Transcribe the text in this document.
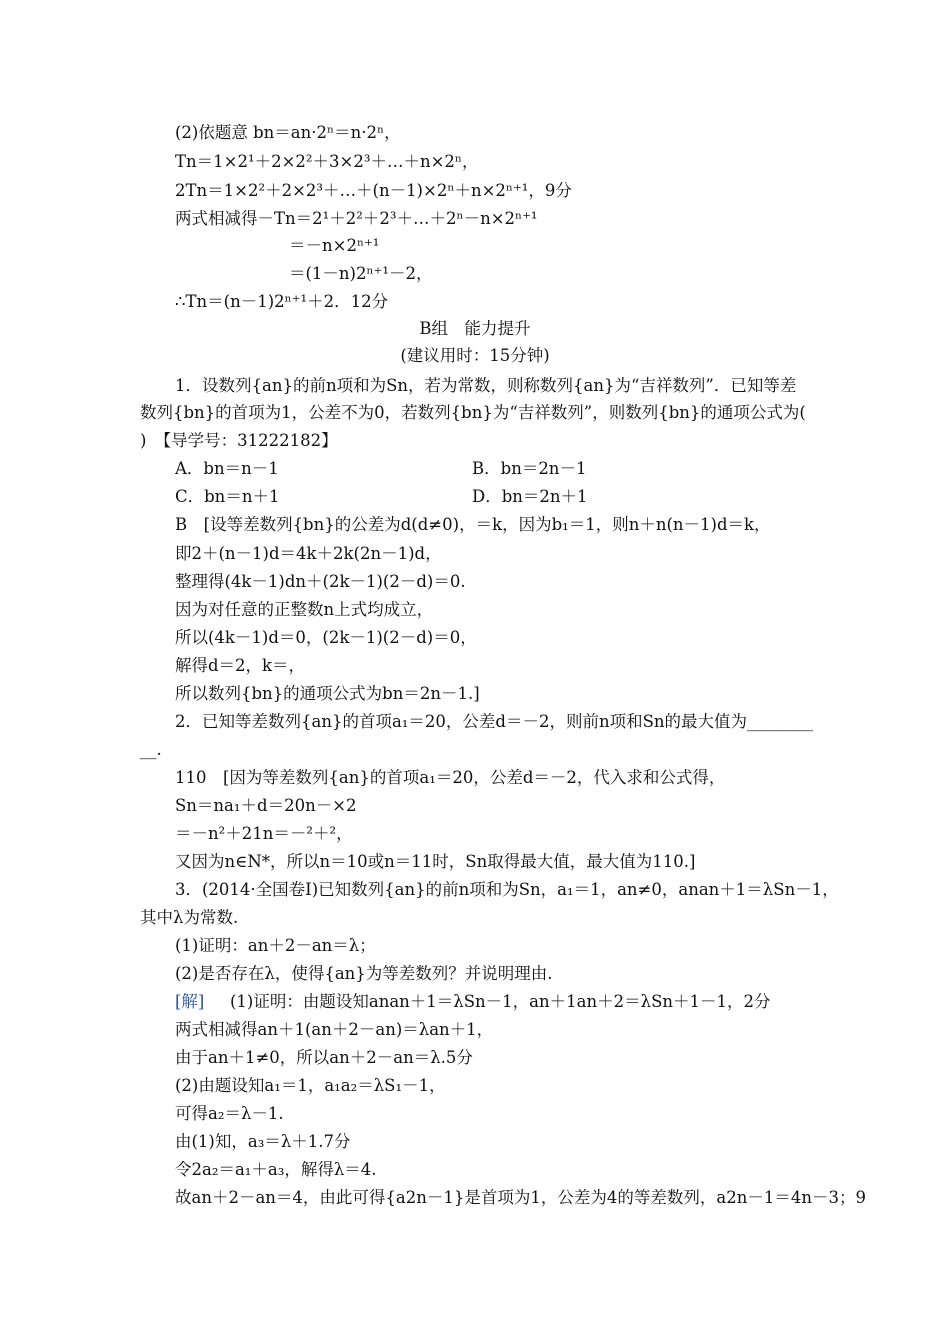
(2)依题意 bn＝an·2ⁿ＝n·2ⁿ，
Tn＝1×2¹＋2×2²＋3×2³＋…＋n×2ⁿ，
2Tn＝1×2²＋2×2³＋…＋(n－1)×2ⁿ＋n×2ⁿ⁺¹，9分
两式相减得－Tn＝2¹＋2²＋2³＋…＋2ⁿ－n×2ⁿ⁺¹
＝－n×2ⁿ⁺¹
＝(1－n)2ⁿ⁺¹－2，
∴Tn＝(n－1)2ⁿ⁺¹＋2．12分
B组　能力提升
(建议用时：15分钟)
1．设数列{an}的前n项和为Sn，若为常数，则称数列{an}为“吉祥数列”．已知等差
数列{bn}的首项为1，公差不为0，若数列{bn}为“吉祥数列”，则数列{bn}的通项公式为(
)　【导学号：31222182】
A．bn＝n－1	B．bn＝2n－1
C．bn＝n＋1	D．bn＝2n＋1
B　[设等差数列{bn}的公差为d(d≠0)，＝k，因为b₁＝1，则n＋n(n－1)d＝k，
即2＋(n－1)d＝4k＋2k(2n－1)d，
整理得(4k－1)dn＋(2k－1)(2－d)＝0.
因为对任意的正整数n上式均成立，
所以(4k－1)d＝0，(2k－1)(2－d)＝0，
解得d＝2，k＝，
所以数列{bn}的通项公式为bn＝2n－1.]
2．已知等差数列{an}的首项a₁＝20，公差d＝－2，则前n项和Sn的最大值为________
__.
110　[因为等差数列{an}的首项a₁＝20，公差d＝－2，代入求和公式得，
Sn＝na₁＋d＝20n－×2
＝－n²＋21n＝－²＋²，
又因为n∈N*，所以n＝10或n＝11时，Sn取得最大值，最大值为110.]
3．(2014·全国卷Ⅰ)已知数列{an}的前n项和为Sn，a₁＝1，an≠0，anan＋1＝λSn－1，
其中λ为常数.
(1)证明：an＋2－an＝λ；
(2)是否存在λ，使得{an}为等差数列？并说明理由.
[解] (1)证明：由题设知anan＋1＝λSn－1，an＋1an＋2＝λSn＋1－1，2分
两式相减得an＋1(an＋2－an)＝λan＋1，
由于an＋1≠0，所以an＋2－an＝λ.5分
(2)由题设知a₁＝1，a₁a₂＝λS₁－1，
可得a₂＝λ－1.
由(1)知，a₃＝λ＋1.7分
令2a₂＝a₁＋a₃，解得λ＝4.
故an＋2－an＝4，由此可得{a2n－1}是首项为1，公差为4的等差数列，a2n－1＝4n－3；9
